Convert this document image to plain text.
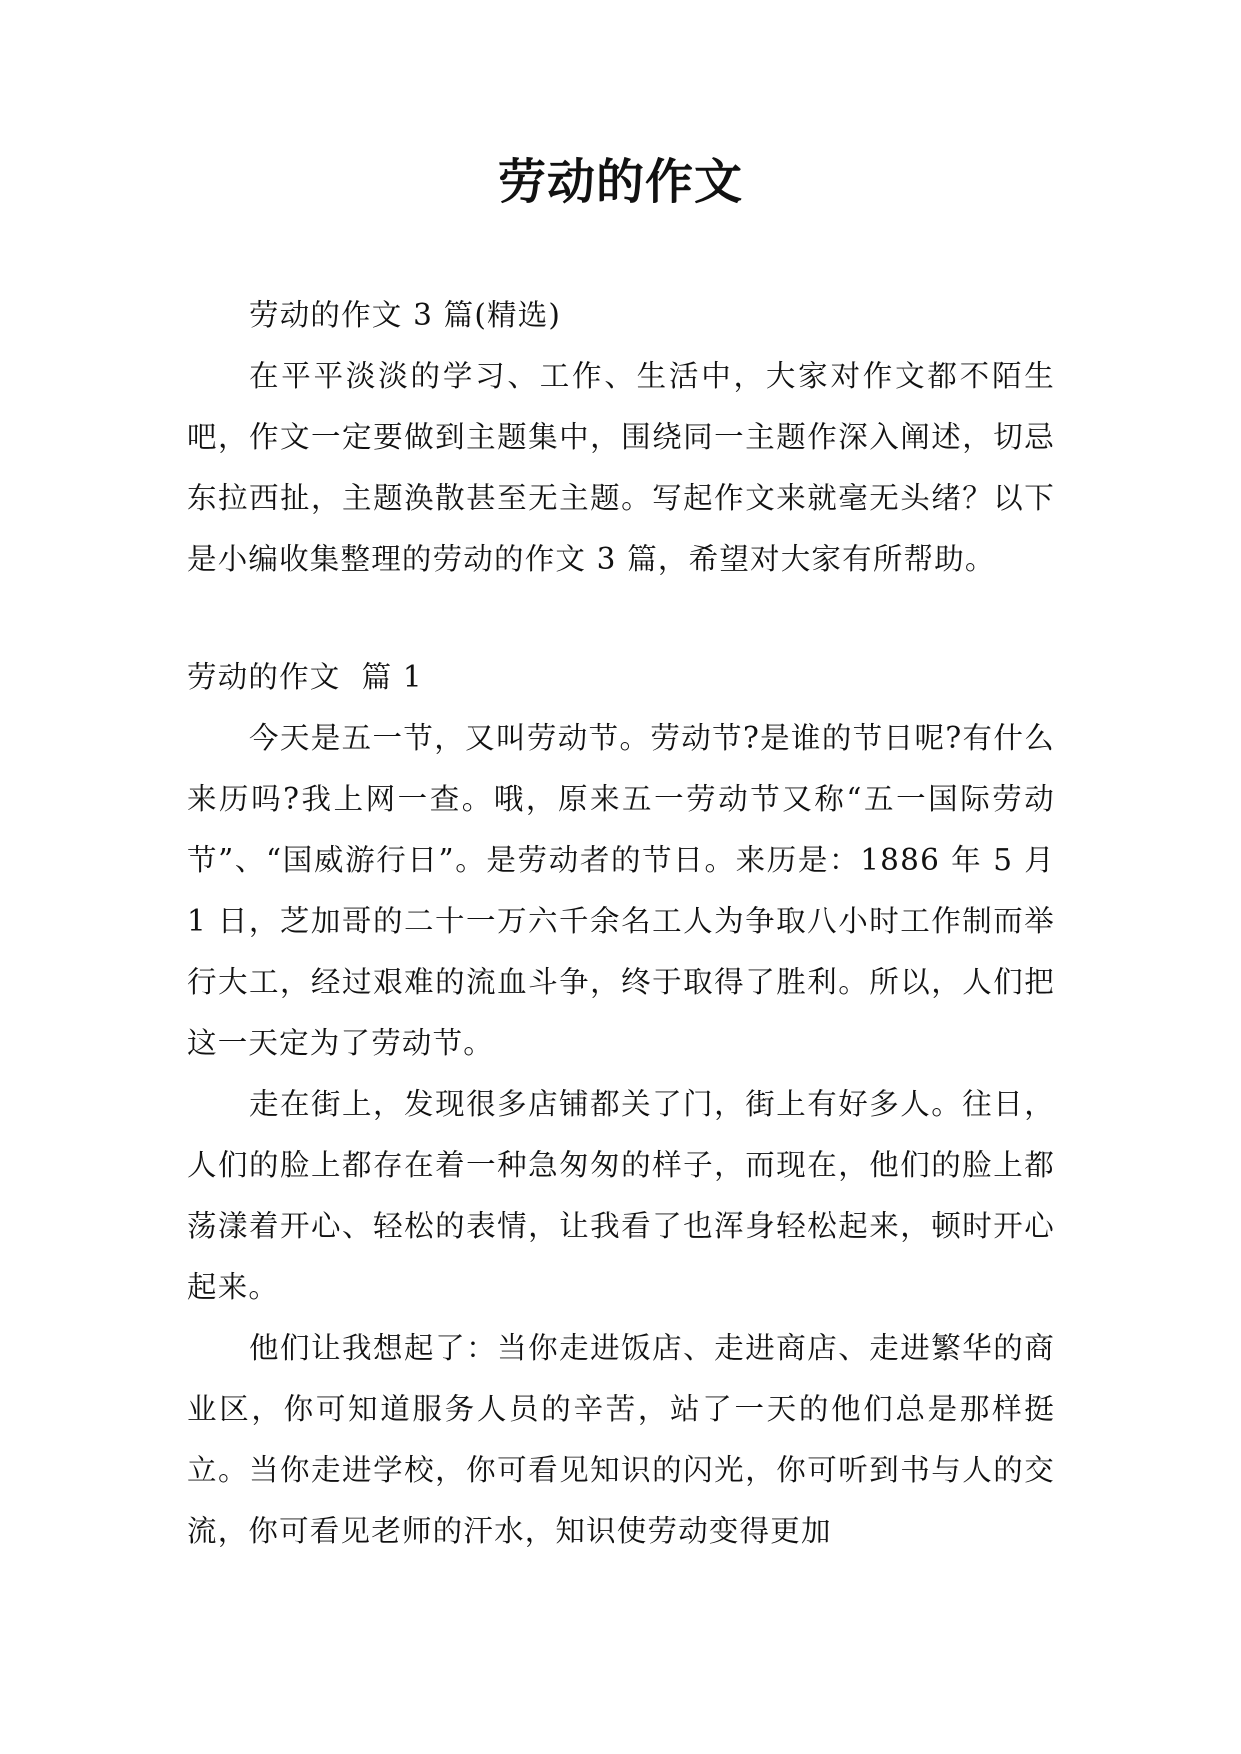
劳动的作文

劳动的作文 3 篇(精选)

在平平淡淡的学习、工作、生活中，大家对作文都不陌生吧，作文一定要做到主题集中，围绕同一主题作深入阐述，切忌东拉西扯，主题涣散甚至无主题。写起作文来就毫无头绪？以下是小编收集整理的劳动的作文 3 篇，希望对大家有所帮助。

劳动的作文  篇 1

今天是五一节，又叫劳动节。劳动节?是谁的节日呢?有什么来历吗?我上网一查。哦，原来五一劳动节又称“五一国际劳动节”、“国威游行日”。是劳动者的节日。来历是：1886 年 5 月 1 日，芝加哥的二十一万六千余名工人为争取八小时工作制而举行大工，经过艰难的流血斗争，终于取得了胜利。所以，人们把这一天定为了劳动节。

走在街上，发现很多店铺都关了门，街上有好多人。往日，人们的脸上都存在着一种急匆匆的样子，而现在，他们的脸上都荡漾着开心、轻松的表情，让我看了也浑身轻松起来，顿时开心起来。

他们让我想起了：当你走进饭店、走进商店、走进繁华的商业区，你可知道服务人员的辛苦，站了一天的他们总是那样挺立。当你走进学校，你可看见知识的闪光，你可听到书与人的交流，你可看见老师的汗水，知识使劳动变得更加
